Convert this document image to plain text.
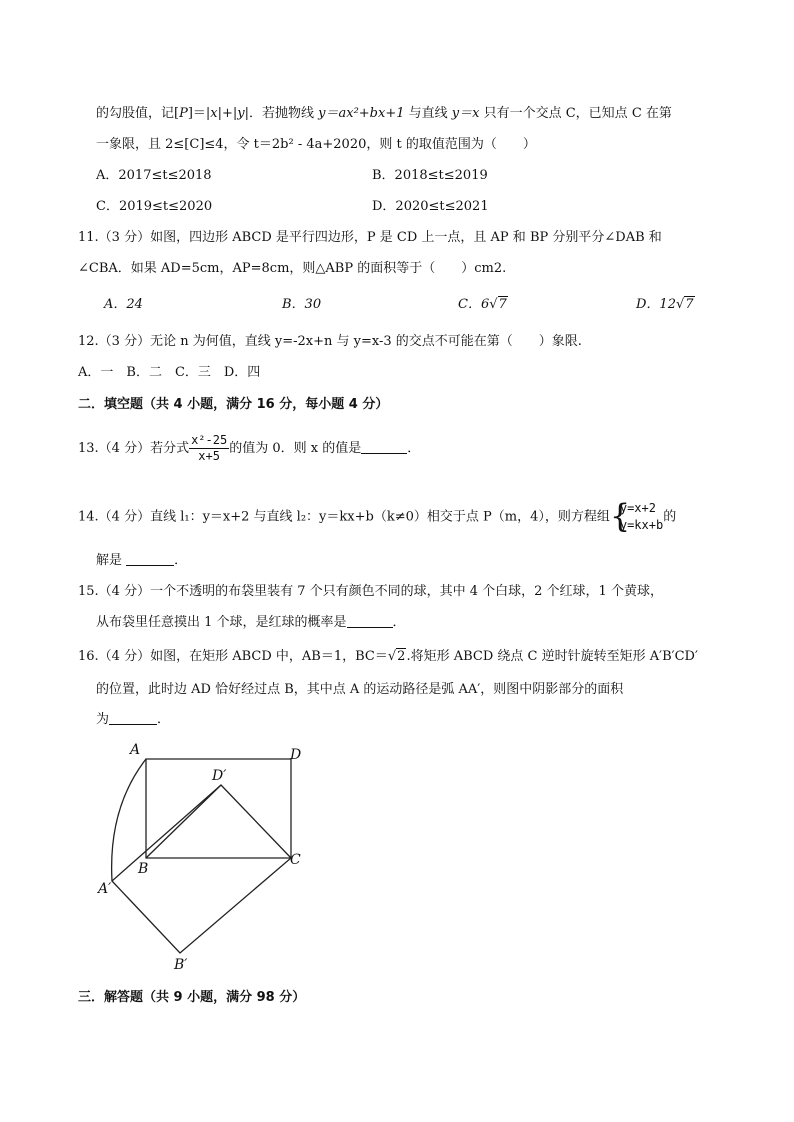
的勾股值，记[P]＝|x|+|y|．若抛物线 y＝ax²+bx+1 与直线 y＝x 只有一个交点 C，已知点 C 在第
一象限，且 2≤[C]≤4，令 t＝2b² - 4a+2020，则 t 的取值范围为（　　）
A．2017≤t≤2018	B．2018≤t≤2019
C．2019≤t≤2020	D．2020≤t≤2021
11.（3 分）如图，四边形 ABCD 是平行四边形，P 是 CD 上一点，且 AP 和 BP 分别平分∠DAB 和
∠CBA．如果 AD=5cm，AP=8cm，则△ABP 的面积等于（　　）cm2.
A．24	B．30	C．6√7	D．12√7
12.（3 分）无论 n 为何值，直线 y=-2x+n 与 y=x-3 的交点不可能在第（　　）象限.
A．一　B．二　C．三　D．四
二．填空题（共 4 小题，满分 16 分，每小题 4 分）
13.（4 分）若分式 $\frac{\text{x²-25}}{x+5}$ 的值为 0．则 x 的值是	．
14.（4 分）直线 l₁：y＝x+2 与直线 l₂：y＝kx+b（k≠0）相交于点 P（m，4），则方程组 {
y=x+2
y=kx+b
的
解是	．
15.（4 分）一个不透明的布袋里装有 7 个只有颜色不同的球，其中 4 个白球，2 个红球，1 个黄球，
从布袋里任意摸出 1 个球，是红球的概率是	．
16.（4 分）如图，在矩形 ABCD 中，AB＝1，BC＝√2.将矩形 ABCD 绕点 C 逆时针旋转至矩形 A′B′CD′
的位置，此时边 AD 恰好经过点 B，其中点 A 的运动路径是弧 AA′，则图中阴影部分的面积
为	．
A	D
D′
B
C
A′
B′
三．解答题（共 9 小题，满分 98 分）
